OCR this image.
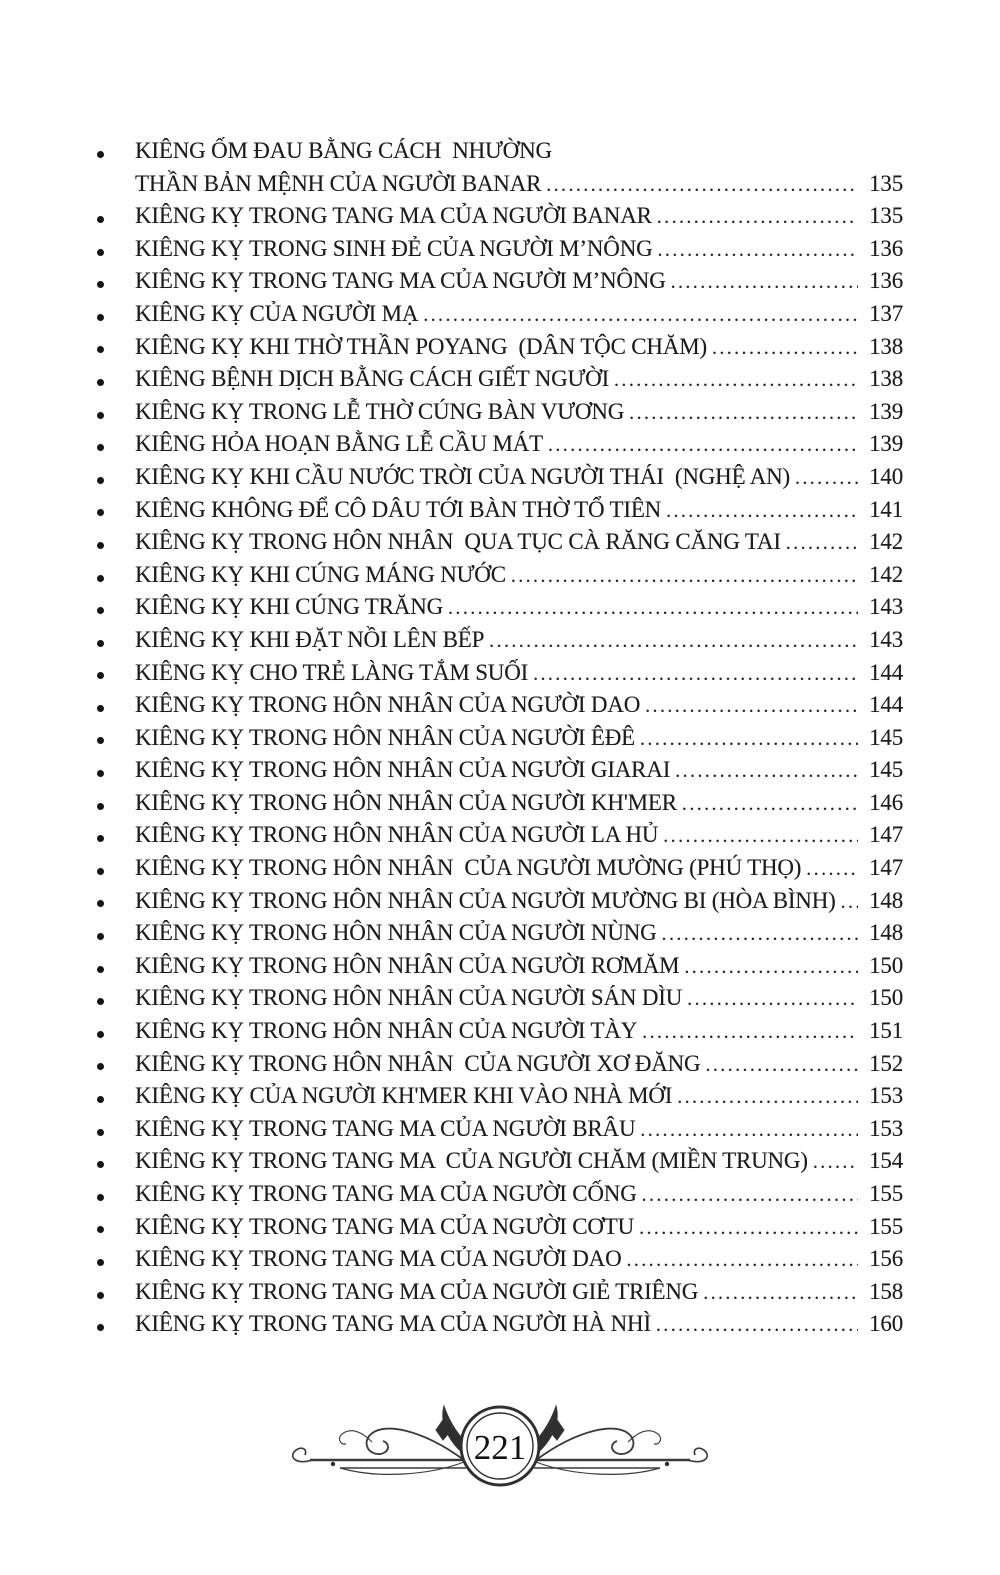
KIÊNG ỐM ĐAU BẰNG CÁCH  NHƯỜNG
THẦN BẢN MỆNH CỦA NGƯỜI BANAR .....	135
KIÊNG KỴ TRONG TANG MA CỦA NGƯỜI BANAR .....	135
KIÊNG KỴ TRONG SINH ĐẺ CỦA NGƯỜI M’NÔNG .....	136
KIÊNG KỴ TRONG TANG MA CỦA NGƯỜI M’NÔNG .....	136
KIÊNG KỴ CỦA NGƯỜI MẠ .....	137
KIÊNG KỴ KHI THỜ THẦN POYANG  (DÂN TỘC CHĂM) .....	138
KIÊNG BỆNH DỊCH BẰNG CÁCH GIẾT NGƯỜI .....	138
KIÊNG KỴ TRONG LỄ THỜ CÚNG BÀN VƯƠNG .....	139
KIÊNG HỎA HOẠN BẰNG LỄ CẦU MÁT .....	139
KIÊNG KỴ KHI CẦU NƯỚC TRỜI CỦA NGƯỜI THÁI  (NGHỆ AN) .....	140
KIÊNG KHÔNG ĐỂ CÔ DÂU TỚI BÀN THỜ TỔ TIÊN .....	141
KIÊNG KỴ TRONG HÔN NHÂN  QUA TỤC CÀ RĂNG CĂNG TAI .....	142
KIÊNG KỴ KHI CÚNG MÁNG NƯỚC .....	142
KIÊNG KỴ KHI CÚNG TRĂNG .....	143
KIÊNG KỴ KHI ĐẶT NỒI LÊN BẾP .....	143
KIÊNG KỴ CHO TRẺ LÀNG TẮM SUỐI .....	144
KIÊNG KỴ TRONG HÔN NHÂN CỦA NGƯỜI DAO .....	144
KIÊNG KỴ TRONG HÔN NHÂN CỦA NGƯỜI ÊĐÊ .....	145
KIÊNG KỴ TRONG HÔN NHÂN CỦA NGƯỜI GIARAI .....	145
KIÊNG KỴ TRONG HÔN NHÂN CỦA NGƯỜI KH'MER .....	146
KIÊNG KỴ TRONG HÔN NHÂN CỦA NGƯỜI LA HỦ .....	147
KIÊNG KỴ TRONG HÔN NHÂN  CỦA NGƯỜI MƯỜNG (PHÚ THỌ) .....	147
KIÊNG KỴ TRONG HÔN NHÂN CỦA NGƯỜI MƯỜNG BI (HÒA BÌNH) .....	148
KIÊNG KỴ TRONG HÔN NHÂN CỦA NGƯỜI NÙNG .....	148
KIÊNG KỴ TRONG HÔN NHÂN CỦA NGƯỜI RƠMĂM .....	150
KIÊNG KỴ TRONG HÔN NHÂN CỦA NGƯỜI SÁN DÌU .....	150
KIÊNG KỴ TRONG HÔN NHÂN CỦA NGƯỜI TÀY .....	151
KIÊNG KỴ TRONG HÔN NHÂN  CỦA NGƯỜI XƠ ĐĂNG .....	152
KIÊNG KỴ CỦA NGƯỜI KH'MER KHI VÀO NHÀ MỚI .....	153
KIÊNG KỴ TRONG TANG MA CỦA NGƯỜI BRÂU .....	153
KIÊNG KỴ TRONG TANG MA  CỦA NGƯỜI CHĂM (MIỀN TRUNG) .....	154
KIÊNG KỴ TRONG TANG MA CỦA NGƯỜI CỐNG .....	155
KIÊNG KỴ TRONG TANG MA CỦA NGƯỜI CƠTU .....	155
KIÊNG KỴ TRONG TANG MA CỦA NGƯỜI DAO .....	156
KIÊNG KỴ TRONG TANG MA CỦA NGƯỜI GIẺ TRIÊNG .....	158
KIÊNG KỴ TRONG TANG MA CỦA NGƯỜI HÀ NHÌ .....	160
221
